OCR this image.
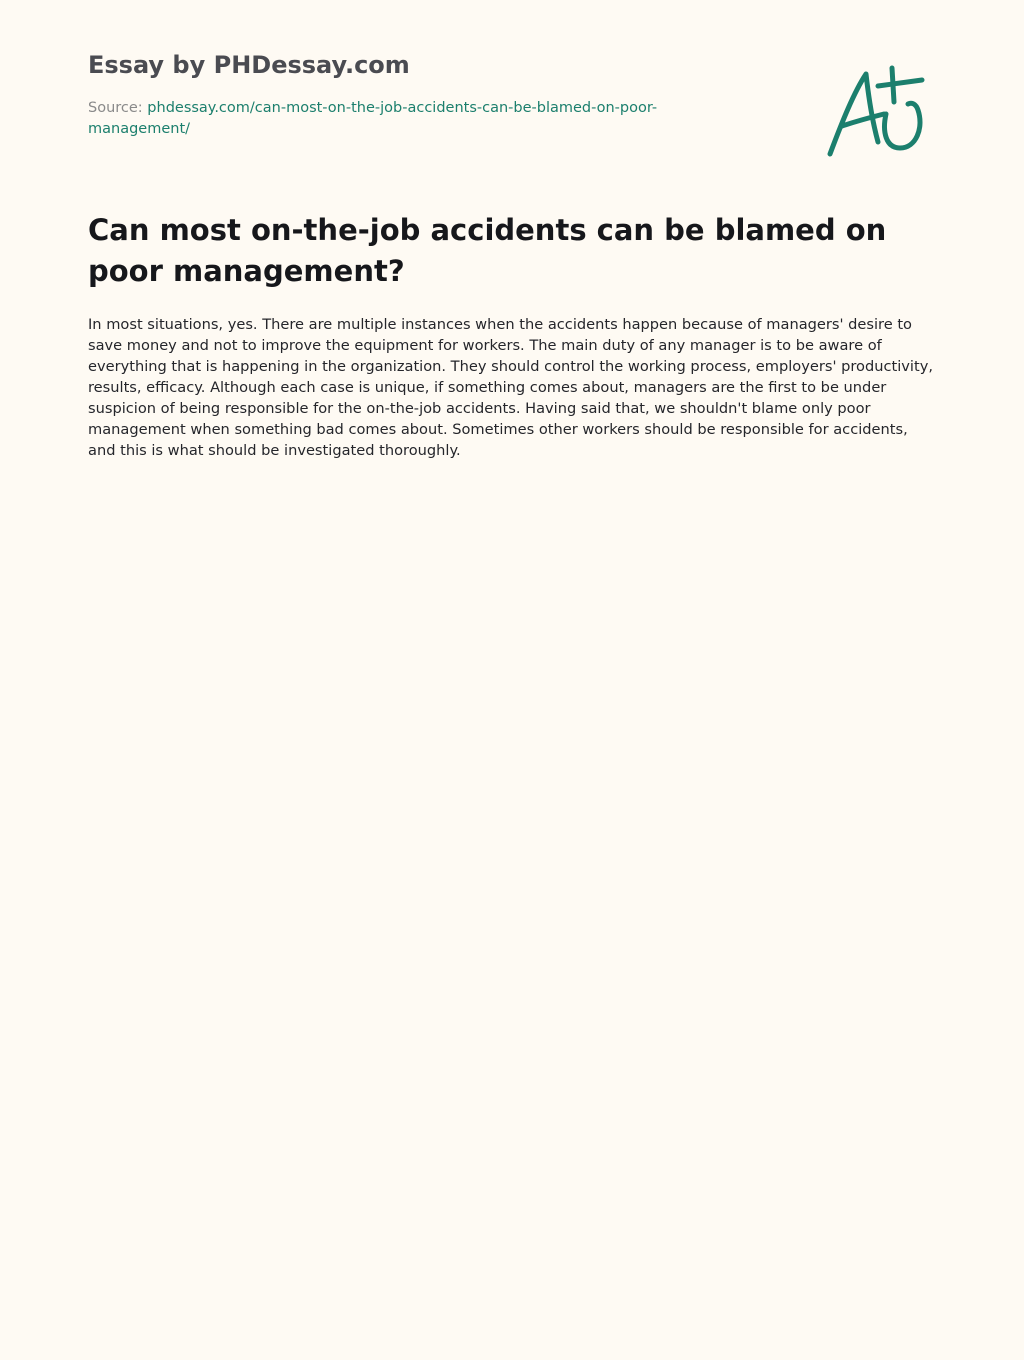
Essay by PHDessay.com
Source: phdessay.com/can-most-on-the-job-accidents-can-be-blamed-on-poor-management/
Can most on-the-job accidents can be blamed on poor management?

In most situations, yes. There are multiple instances when the accidents happen because of managers' desire to save money and not to improve the equipment for workers. The main duty of any manager is to be aware of everything that is happening in the organization. They should control the working process, employers' productivity, results, efficacy. Although each case is unique, if something comes about, managers are the first to be under suspicion of being responsible for the on-the-job accidents. Having said that, we shouldn't blame only poor management when something bad comes about. Sometimes other workers should be responsible for accidents, and this is what should be investigated thoroughly.
